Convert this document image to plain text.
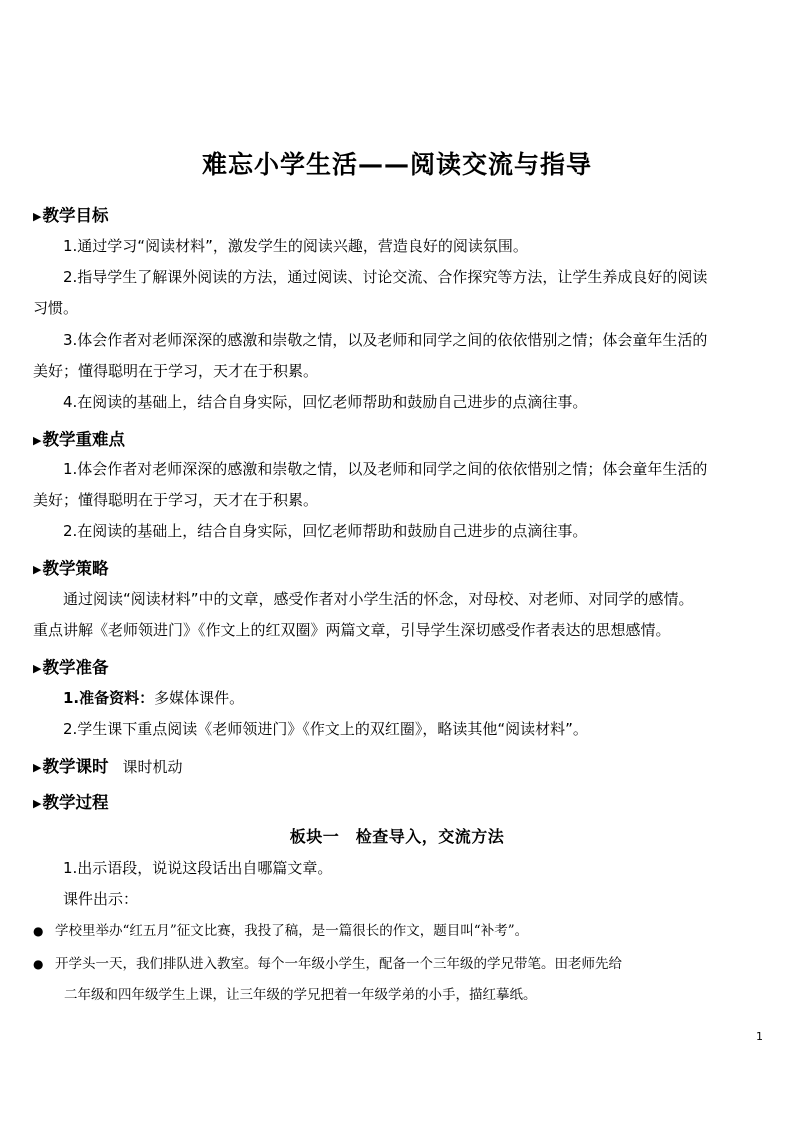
难忘小学生活——阅读交流与指导
▶教学目标
1.通过学习“阅读材料”，激发学生的阅读兴趣，营造良好的阅读氛围。
2.指导学生了解课外阅读的方法，通过阅读、讨论交流、合作探究等方法，让学生养成良好的阅读
习惯。
3.体会作者对老师深深的感激和崇敬之情，以及老师和同学之间的依依惜别之情；体会童年生活的
美好；懂得聪明在于学习，天才在于积累。
4.在阅读的基础上，结合自身实际，回忆老师帮助和鼓励自己进步的点滴往事。
▶教学重难点
1.体会作者对老师深深的感激和崇敬之情，以及老师和同学之间的依依惜别之情；体会童年生活的
美好；懂得聪明在于学习，天才在于积累。
2.在阅读的基础上，结合自身实际，回忆老师帮助和鼓励自己进步的点滴往事。
▶教学策略
通过阅读“阅读材料”中的文章，感受作者对小学生活的怀念，对母校、对老师、对同学的感情。
重点讲解《老师领进门》《作文上的红双圈》两篇文章，引导学生深切感受作者表达的思想感情。
▶教学准备
1.准备资料：多媒体课件。
2.学生课下重点阅读《老师领进门》《作文上的双红圈》，略读其他“阅读材料”。
▶教学课时 课时机动
▶教学过程
板块一　检查导入，交流方法
1.出示语段，说说这段话出自哪篇文章。
课件出示：
● 学校里举办“红五月”征文比赛，我投了稿，是一篇很长的作文，题目叫“补考”。
● 开学头一天，我们排队进入教室。每个一年级小学生，配备一个三年级的学兄带笔。田老师先给
二年级和四年级学生上课，让三年级的学兄把着一年级学弟的小手，描红摹纸。
1
